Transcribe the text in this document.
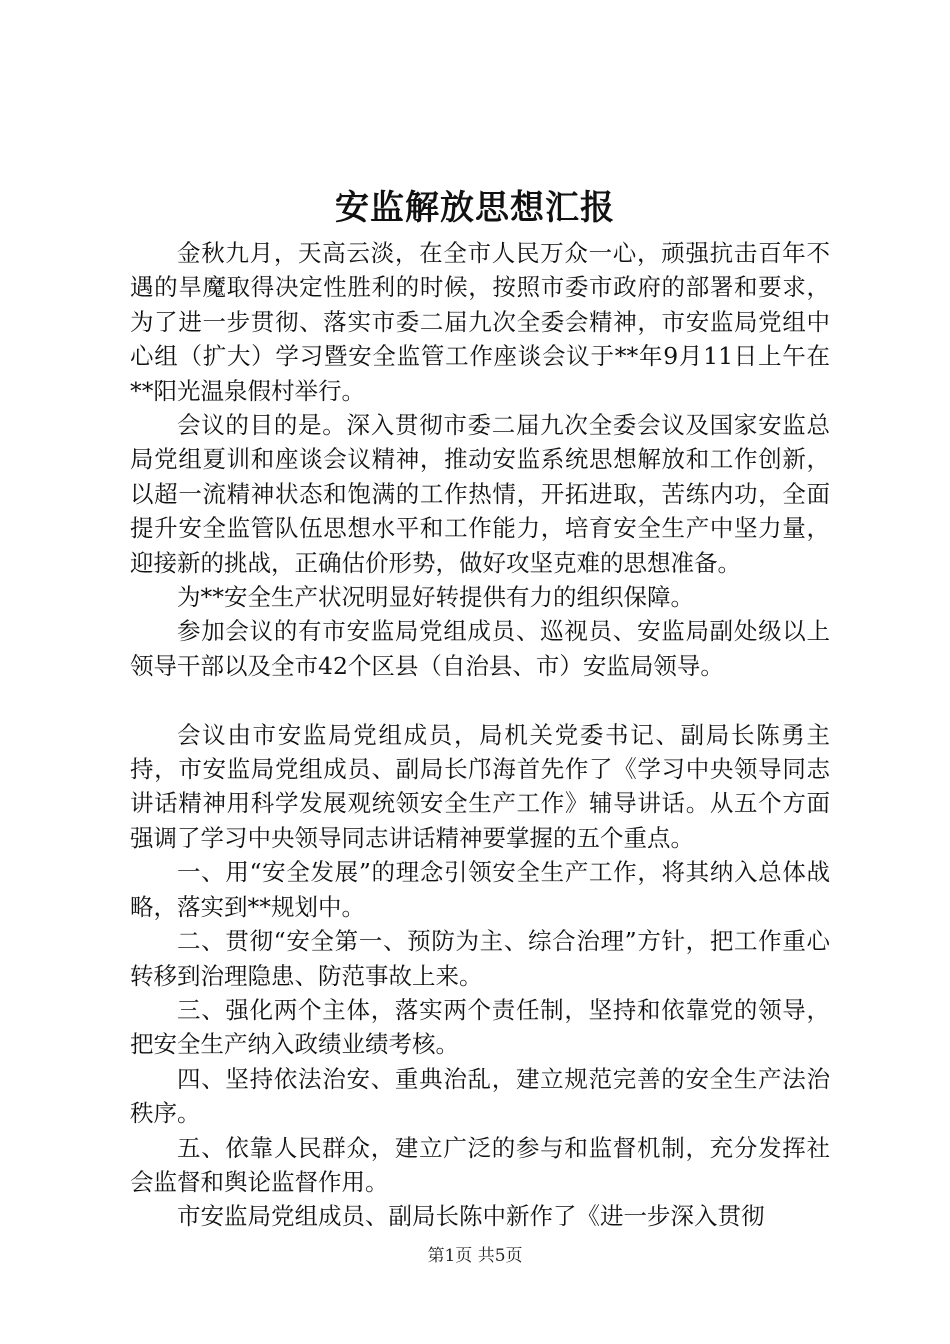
安监解放思想汇报

金秋九月，天高云淡，在全市人民万众一心，顽强抗击百年不遇的旱魔取得决定性胜利的时候，按照市委市政府的部署和要求，为了进一步贯彻、落实市委二届九次全委会精神，市安监局党组中心组（扩大）学习暨安全监管工作座谈会议于**年9月11日上午在**阳光温泉假村举行。

会议的目的是。深入贯彻市委二届九次全委会议及国家安监总局党组夏训和座谈会议精神，推动安监系统思想解放和工作创新，以超一流精神状态和饱满的工作热情，开拓进取，苦练内功，全面提升安全监管队伍思想水平和工作能力，培育安全生产中坚力量，迎接新的挑战，正确估价形势，做好攻坚克难的思想准备。

为**安全生产状况明显好转提供有力的组织保障。

参加会议的有市安监局党组成员、巡视员、安监局副处级以上领导干部以及全市42个区县（自治县、市）安监局领导。

会议由市安监局党组成员，局机关党委书记、副局长陈勇主持，市安监局党组成员、副局长邝海首先作了《学习中央领导同志讲话精神用科学发展观统领安全生产工作》辅导讲话。从五个方面强调了学习中央领导同志讲话精神要掌握的五个重点。

一、用“安全发展”的理念引领安全生产工作，将其纳入总体战略，落实到**规划中。

二、贯彻“安全第一、预防为主、综合治理”方针，把工作重心转移到治理隐患、防范事故上来。

三、强化两个主体，落实两个责任制，坚持和依靠党的领导，把安全生产纳入政绩业绩考核。

四、坚持依法治安、重典治乱，建立规范完善的安全生产法治秩序。

五、依靠人民群众，建立广泛的参与和监督机制，充分发挥社会监督和舆论监督作用。

市安监局党组成员、副局长陈中新作了《进一步深入贯彻

第1页 共5页
